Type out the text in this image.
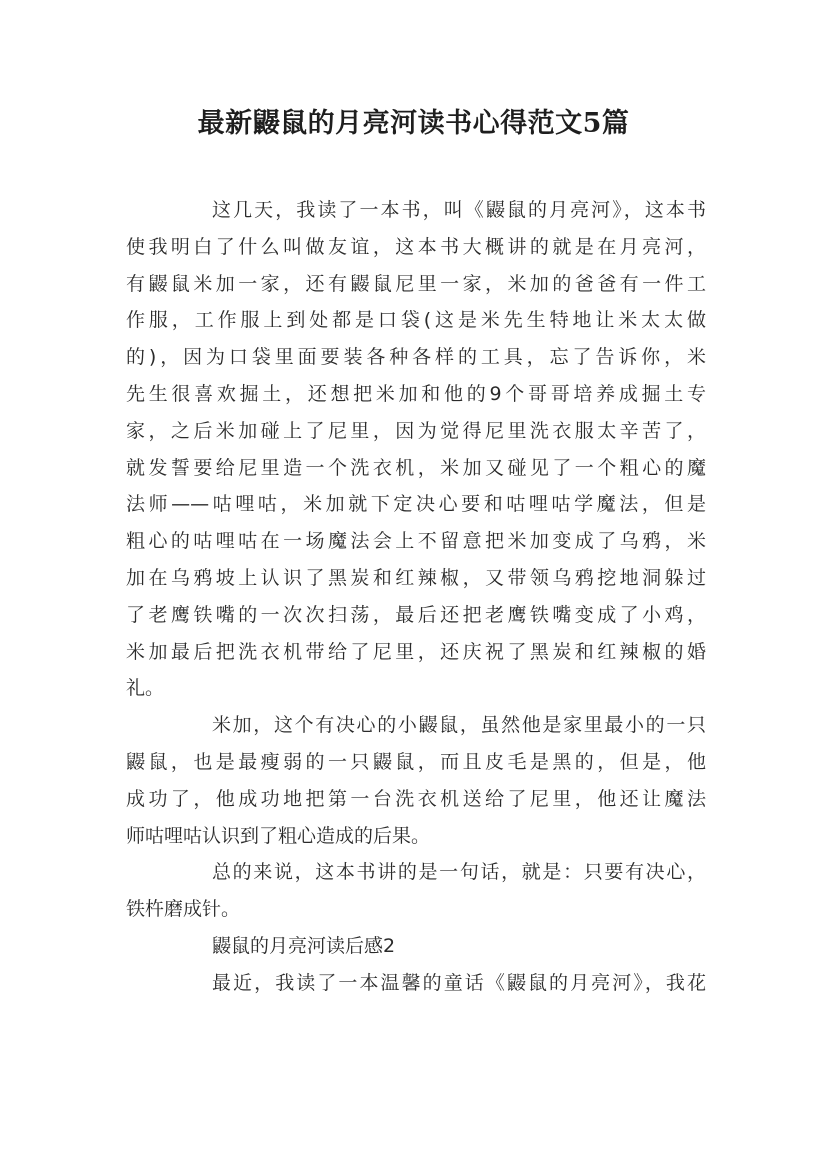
最新鼹鼠的月亮河读书心得范文5篇
这几天，我读了一本书，叫《鼹鼠的月亮河》，这本书
使我明白了什么叫做友谊，这本书大概讲的就是在月亮河，
有鼹鼠米加一家，还有鼹鼠尼里一家，米加的爸爸有一件工
作服，工作服上到处都是口袋(这是米先生特地让米太太做
的)，因为口袋里面要装各种各样的工具，忘了告诉你，米
先生很喜欢掘土，还想把米加和他的9个哥哥培养成掘土专
家，之后米加碰上了尼里，因为觉得尼里洗衣服太辛苦了，
就发誓要给尼里造一个洗衣机，米加又碰见了一个粗心的魔
法师——咕哩咕，米加就下定决心要和咕哩咕学魔法，但是
粗心的咕哩咕在一场魔法会上不留意把米加变成了乌鸦，米
加在乌鸦坡上认识了黑炭和红辣椒，又带领乌鸦挖地洞躲过
了老鹰铁嘴的一次次扫荡，最后还把老鹰铁嘴变成了小鸡，
米加最后把洗衣机带给了尼里，还庆祝了黑炭和红辣椒的婚
礼。
米加，这个有决心的小鼹鼠，虽然他是家里最小的一只
鼹鼠，也是最瘦弱的一只鼹鼠，而且皮毛是黑的，但是，他
成功了，他成功地把第一台洗衣机送给了尼里，他还让魔法
师咕哩咕认识到了粗心造成的后果。
总的来说，这本书讲的是一句话，就是：只要有决心，
铁杵磨成针。
鼹鼠的月亮河读后感2
最近，我读了一本温馨的童话《鼹鼠的月亮河》，我花
